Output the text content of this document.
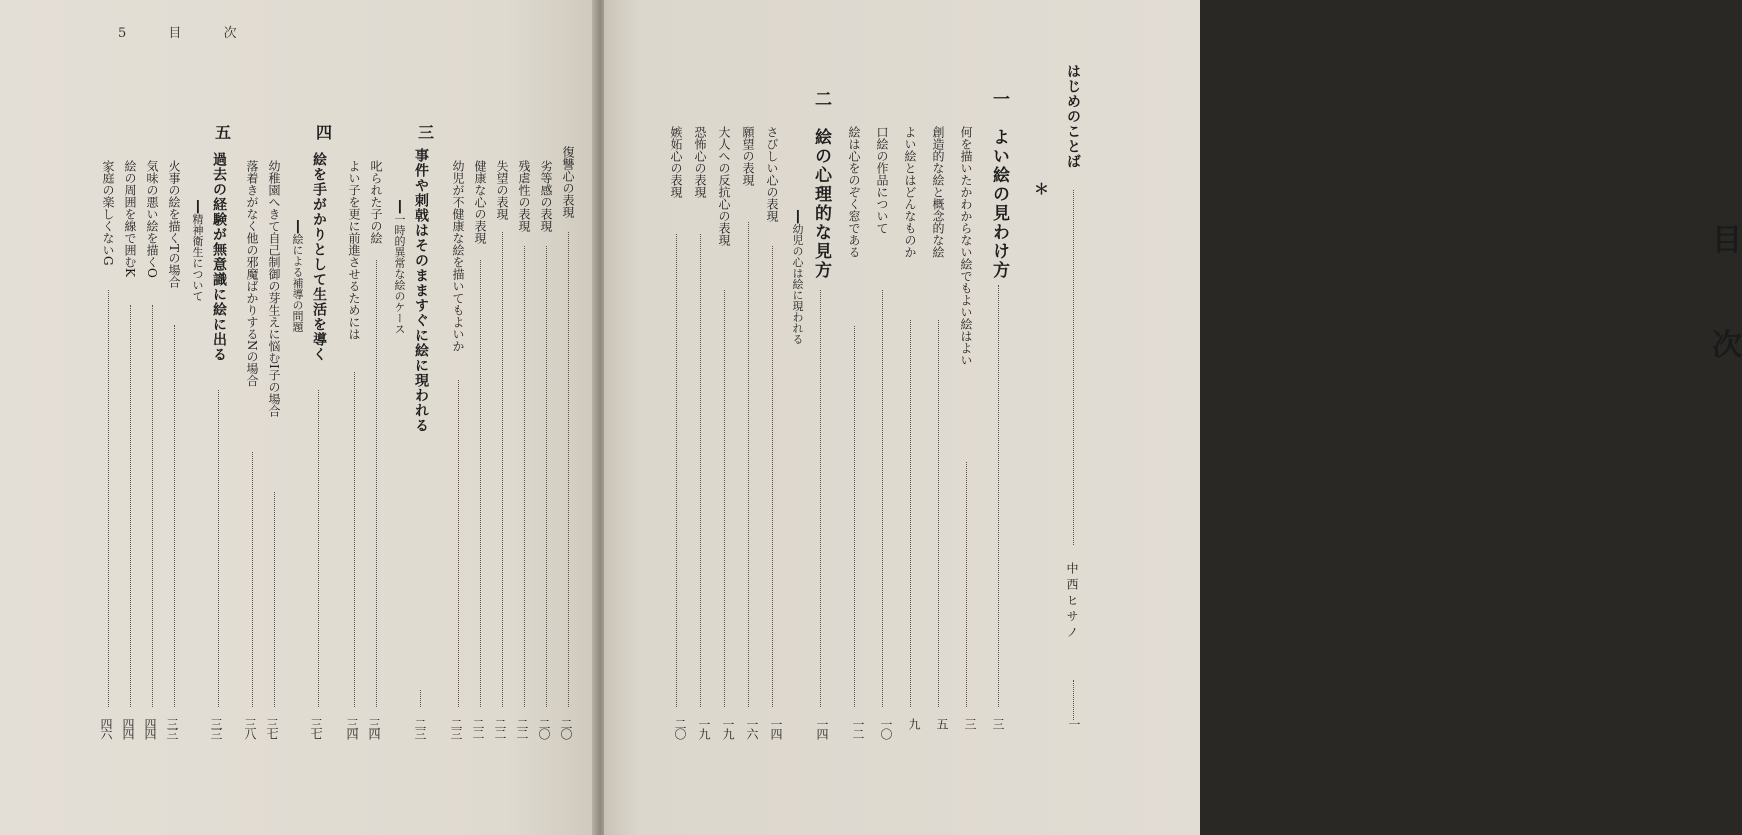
5	目	次
三
四
五
復讐心の表現
劣等感の表現
残虐性の表現
失望の表現
健康な心の表現
幼児が不健康な絵を描いてもよいか
事件や刺戟はそのまますぐに絵に現われる
━━一時的異常な絵のケース
叱られた子の絵
よい子を更に前進させるためには
絵を手がかりとして生活を導く
━━絵による補導の問題
幼稚園へきて自己制御の芽生えに悩むI子の場合
落着きがなく他の邪魔ばかりするNの場合
過去の経験が無意識に絵に出る
━━精神衛生について
火事の絵を描くTの場合
気味の悪い絵を描くO
絵の周囲を線で囲むK
家庭の楽しくないG
二〇
二〇
二二
二二
二二
二三
二三
三四
三四
三七
三七
三八
三三
三三
四四
四四
四六
目
次
はじめのことば
中西ヒサノ
＊
一　よい絵の見わけ方
何を描いたかわからない絵でもよい絵はよい
創造的な絵と概念的な絵
よい絵とはどんなものか
口絵の作品について
絵は心をのぞく窓である
二　絵の心理的な見方
━━幼児の心は絵に現われる
さびしい心の表現
願望の表現
大人への反抗心の表現
恐怖心の表現
嫉妬心の表現
一
三
三
五
九
一〇
一二
一四
一四
一六
一九
一九
二〇
